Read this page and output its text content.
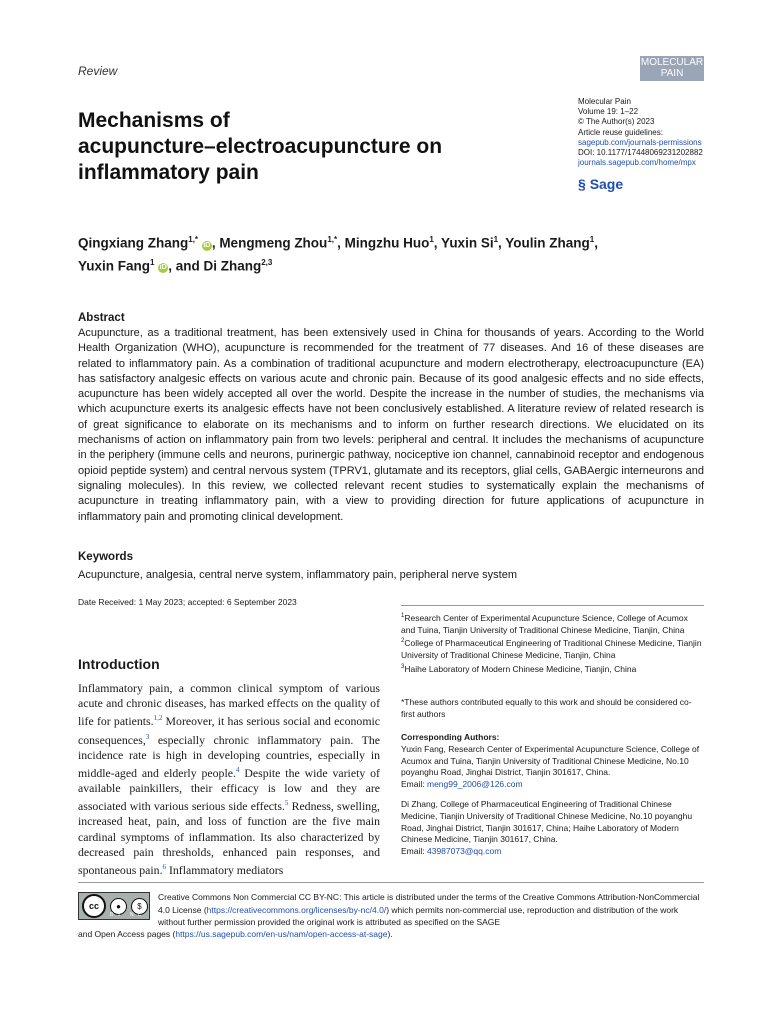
Review
MOLECULAR
PAIN
Molecular Pain
Volume 19: 1–22
© The Author(s) 2023
Article reuse guidelines:
sagepub.com/journals-permissions
DOI: 10.1177/17448069231202882
journals.sagepub.com/home/mpx
§ Sage
Mechanisms of
acupuncture–electroacupuncture on
inflammatory pain
Qingxiang Zhang$^{1,*}$ iD , Mengmeng Zhou$^{1,*}$, Mingzhu Huo$^1$, Yuxin Si$^1$, Youlin Zhang$^1$,
Yuxin Fang$^1$ iD , and Di Zhang$^{2,3}$
Abstract
Acupuncture, as a traditional treatment, has been extensively used in China for thousands of years. According to the World Health Organization (WHO), acupuncture is recommended for the treatment of 77 diseases. And 16 of these diseases are related to inflammatory pain. As a combination of traditional acupuncture and modern electrotherapy, electroacupuncture (EA) has satisfactory analgesic effects on various acute and chronic pain. Because of its good analgesic effects and no side effects, acupuncture has been widely accepted all over the world. Despite the increase in the number of studies, the mechanisms via which acupuncture exerts its analgesic effects have not been conclusively established. A literature review of related research is of great significance to elaborate on its mechanisms and to inform on further research directions. We elucidated on its mechanisms of action on inflammatory pain from two levels: peripheral and central. It includes the mechanisms of acupuncture in the periphery (immune cells and neurons, purinergic pathway, nociceptive ion channel, cannabinoid receptor and endogenous opioid peptide system) and central nervous system (TPRV1, glutamate and its receptors, glial cells, GABAergic interneurons and signaling molecules). In this review, we collected relevant recent studies to systematically explain the mechanisms of acupuncture in treating inflammatory pain, with a view to providing direction for future applications of acupuncture in inflammatory pain and promoting clinical development.
Keywords
Acupuncture, analgesia, central nerve system, inflammatory pain, peripheral nerve system
Date Received: 1 May 2023; accepted: 6 September 2023
Introduction
Inflammatory pain, a common clinical symptom of various acute and chronic diseases, has marked effects on the quality of life for patients.$^{1,2}$ Moreover, it has serious social and economic consequences,$^3$ especially chronic inflammatory pain. The incidence rate is high in developing countries, especially in middle-aged and elderly people.$^4$ Despite the wide variety of available painkillers, their efficacy is low and they are associated with various serious side effects.$^5$ Redness, swelling, increased heat, pain, and loss of function are the five main cardinal symptoms of inflammation. Its also characterized by decreased pain thresholds, enhanced pain responses, and spontaneous pain.$^6$ Inflammatory mediators

$^1$Research Center of Experimental Acupuncture Science, College of Acumox and Tuina, Tianjin University of Traditional Chinese Medicine, Tianjin, China

$^2$College of Pharmaceutical Engineering of Traditional Chinese Medicine, Tianjin University of Traditional Chinese Medicine, Tianjin, China

$^3$Haihe Laboratory of Modern Chinese Medicine, Tianjin, China

*These authors contributed equally to this work and should be considered co-first authors

Corresponding Authors:

Yuxin Fang, Research Center of Experimental Acupuncture Science, College of Acumox and Tuina, Tianjin University of Traditional Chinese Medicine, No.10 poyanghu Road, Jinghai District, Tianjin 301617, China.
Email: meng99_2006@126.com

Di Zhang, College of Pharmaceutical Engineering of Traditional Chinese Medicine, Tianjin University of Traditional Chinese Medicine, No.10 poyanghu Road, Jinghai District, Tianjin 301617, China; Haihe Laboratory of Modern Chinese Medicine, Tianjin 301617, China.
Email: 43987073@qq.com

cc	●	$
BY NC
Creative Commons Non Commercial CC BY-NC: This article is distributed under the terms of the Creative Commons Attribution-NonCommercial 4.0 License (https://creativecommons.org/licenses/by-nc/4.0/) which permits non-commercial use, reproduction and distribution of the work without further permission provided the original work is attributed as specified on the SAGE
and Open Access pages (https://us.sagepub.com/en-us/nam/open-access-at-sage).
